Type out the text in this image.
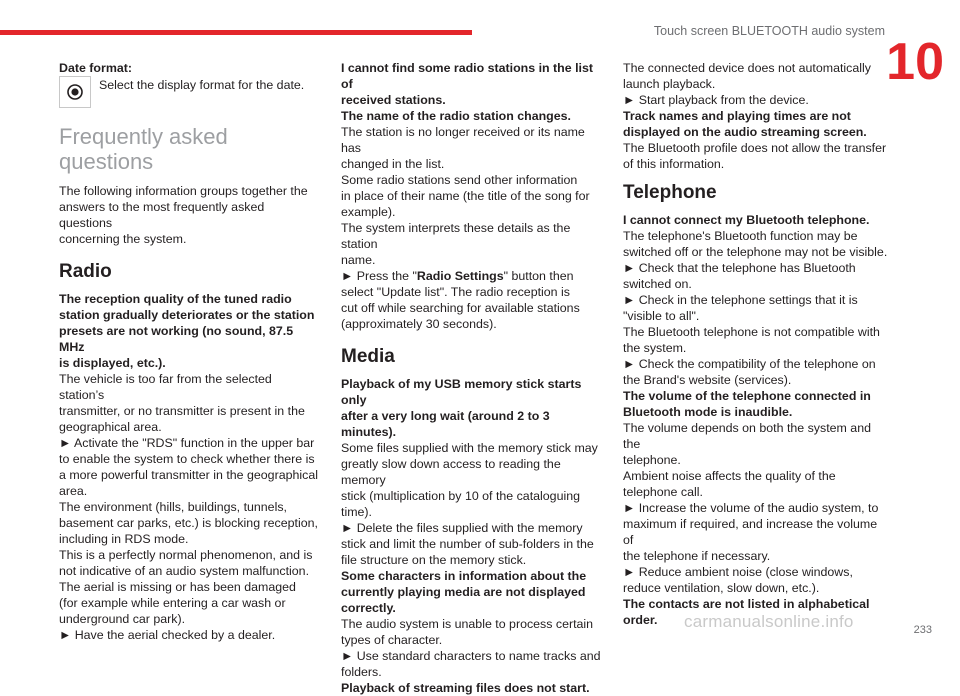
Touch screen BLUETOOTH audio system
10

Date format:

Select the display format for the date.

Frequently asked
questions

The following information groups together the

answers to the most frequently asked questions

concerning the system.

Radio

The reception quality of the tuned radio

station gradually deteriorates or the station

presets are not working (no sound, 87.5 MHz

is displayed, etc.).

The vehicle is too far from the selected station’s

transmitter, or no transmitter is present in the

geographical area.

► Activate the "RDS" function in the upper bar

to enable the system to check whether there is

a more powerful transmitter in the geographical

area.

The environment (hills, buildings, tunnels,

basement car parks, etc.) is blocking reception,

including in RDS mode.

This is a perfectly normal phenomenon, and is

not indicative of an audio system malfunction.

The aerial is missing or has been damaged

(for example while entering a car wash or

underground car park).

► Have the aerial checked by a dealer.

I cannot find some radio stations in the list of

received stations.

The name of the radio station changes.

The station is no longer received or its name has

changed in the list.

Some radio stations send other information

in place of their name (the title of the song for

example).

The system interprets these details as the station

name.

► Press the "Radio Settings" button then

select "Update list". The radio reception is

cut off while searching for available stations

(approximately 30 seconds).

Media

Playback of my USB memory stick starts only

after a very long wait (around 2 to 3 minutes).

Some files supplied with the memory stick may

greatly slow down access to reading the memory

stick (multiplication by 10 of the cataloguing

time).

► Delete the files supplied with the memory

stick and limit the number of sub-folders in the

file structure on the memory stick.

Some characters in information about the

currently playing media are not displayed

correctly.

The audio system is unable to process certain

types of character.

► Use standard characters to name tracks and

folders.

Playback of streaming files does not start.

The connected device does not automatically

launch playback.

► Start playback from the device.

Track names and playing times are not

displayed on the audio streaming screen.

The Bluetooth profile does not allow the transfer

of this information.

Telephone

I cannot connect my Bluetooth telephone.

The telephone's Bluetooth function may be

switched off or the telephone may not be visible.

► Check that the telephone has Bluetooth

switched on.

► Check in the telephone settings that it is

"visible to all".

The Bluetooth telephone is not compatible with

the system.

► Check the compatibility of the telephone on

the Brand's website (services).

The volume of the telephone connected in

Bluetooth mode is inaudible.

The volume depends on both the system and the

telephone.

Ambient noise affects the quality of the

telephone call.

► Increase the volume of the audio system, to

maximum if required, and increase the volume of

the telephone if necessary.

► Reduce ambient noise (close windows,

reduce ventilation, slow down, etc.).

The contacts are not listed in alphabetical

order.	carmanualsonline.info	233
